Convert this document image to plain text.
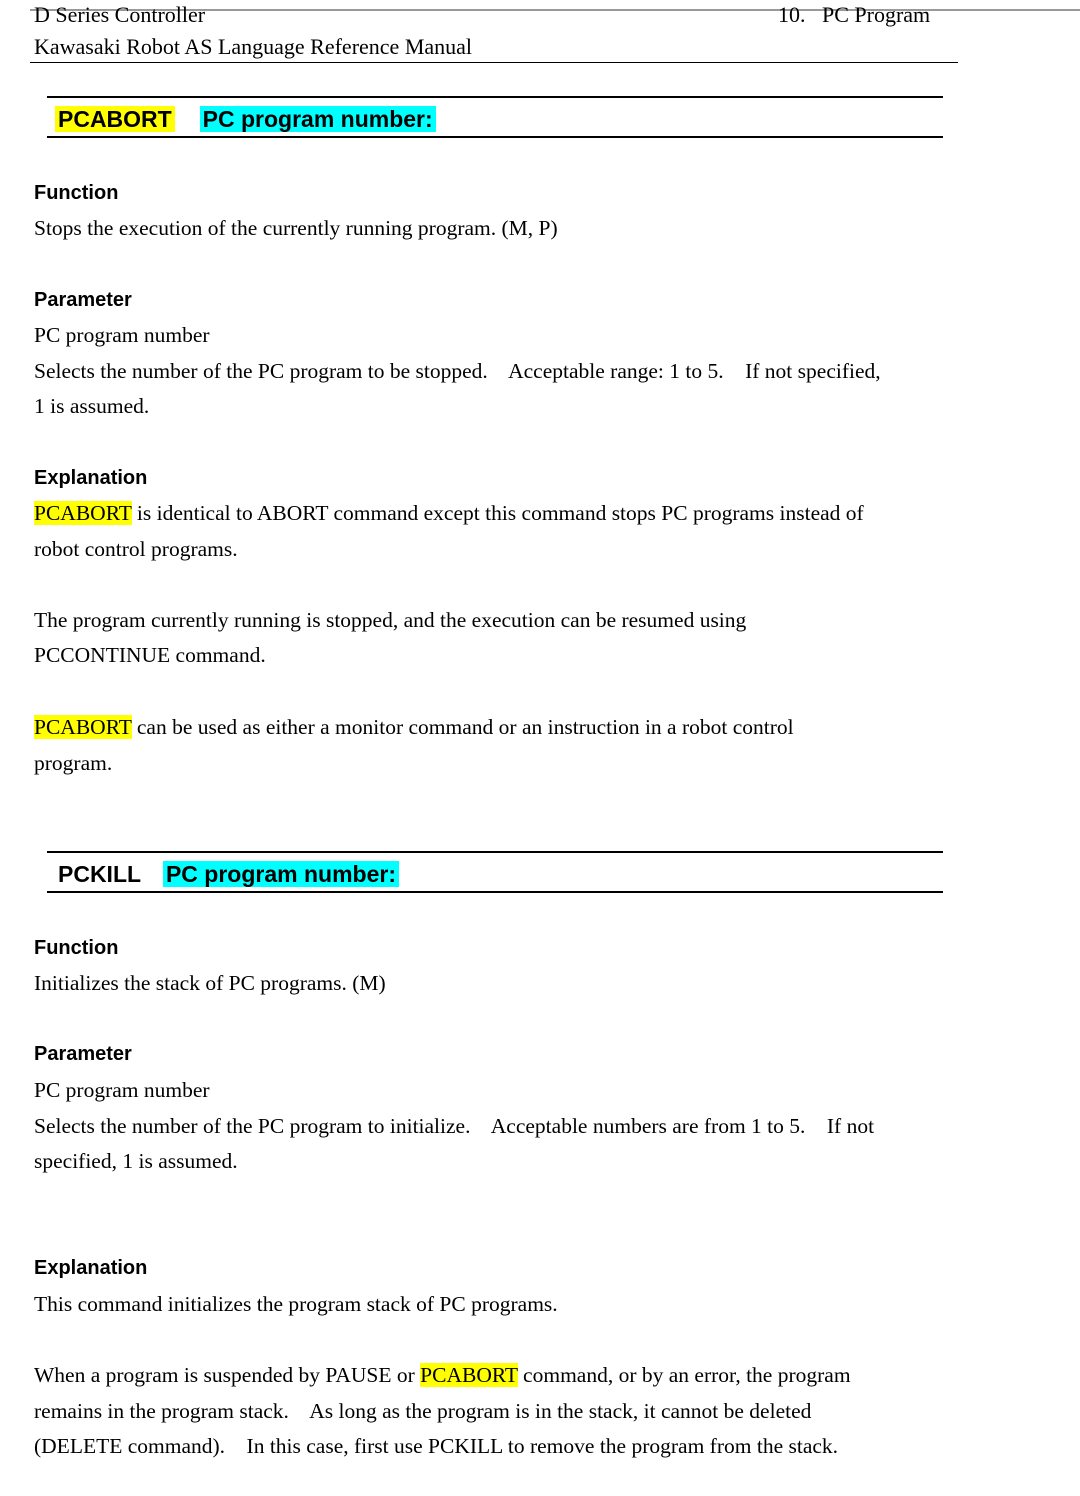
D Series Controller	10.   PC Program
Kawasaki Robot AS Language Reference Manual
PCABORT PC program number:
Function
Stops the execution of the currently running program. (M, P)
Parameter
PC program number
Selects the number of the PC program to be stopped.    Acceptable range: 1 to 5.    If not specified,
1 is assumed.
Explanation
PCABORT is identical to ABORT command except this command stops PC programs instead of
robot control programs.
The program currently running is stopped, and the execution can be resumed using
PCCONTINUE command.
PCABORT can be used as either a monitor command or an instruction in a robot control
program.
PCKILL PC program number:
Function
Initializes the stack of PC programs. (M)
Parameter
PC program number
Selects the number of the PC program to initialize.    Acceptable numbers are from 1 to 5.    If not
specified, 1 is assumed.
Explanation
This command initializes the program stack of PC programs.
When a program is suspended by PAUSE or PCABORT command, or by an error, the program
remains in the program stack.    As long as the program is in the stack, it cannot be deleted
(DELETE command).    In this case, first use PCKILL to remove the program from the stack.
